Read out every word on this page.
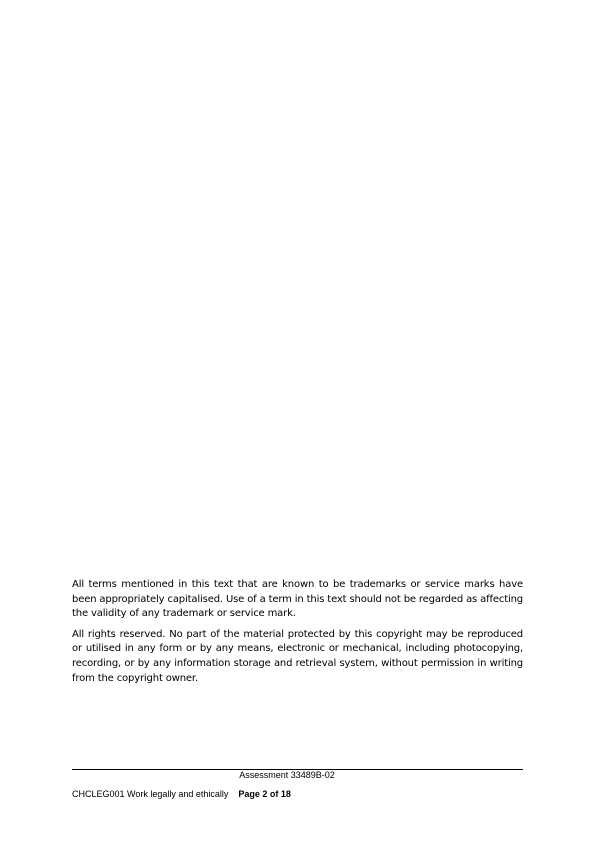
All terms mentioned in this text that are known to be trademarks or service marks have been appropriately capitalised. Use of a term in this text should not be regarded as affecting the validity of any trademark or service mark.

All rights reserved. No part of the material protected by this copyright may be reproduced or utilised in any form or by any means, electronic or mechanical, including photocopying, recording, or by any information storage and retrieval system, without permission in writing from the copyright owner.

Assessment 33489B-02
CHCLEG001 Work legally and ethically Page 2 of 18
